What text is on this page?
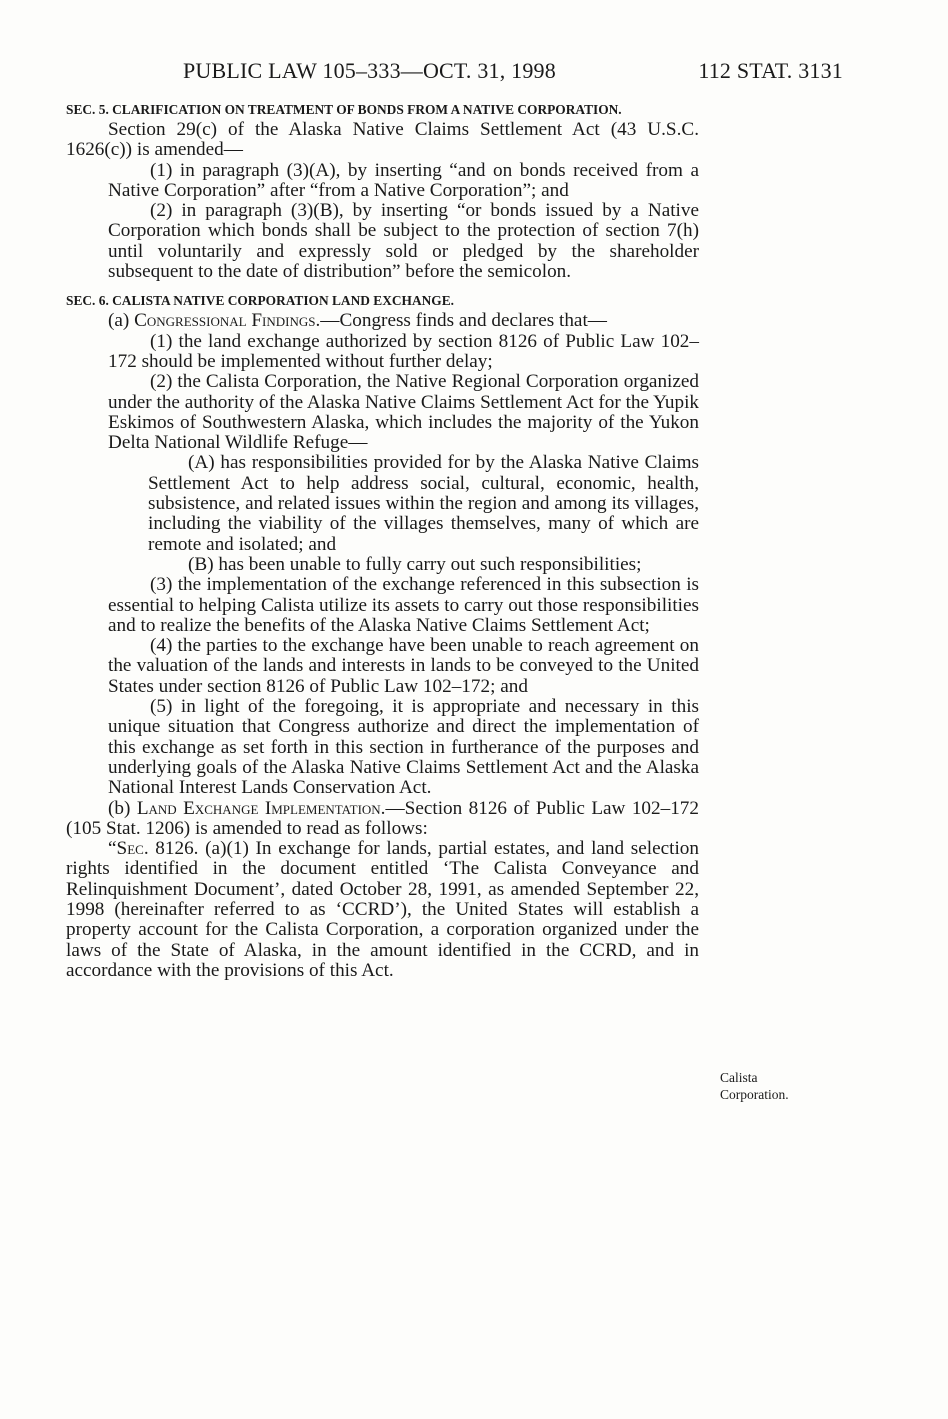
PUBLIC LAW 105–333—OCT. 31, 1998	112 STAT. 3131

SEC. 5. CLARIFICATION ON TREATMENT OF BONDS FROM A NATIVE CORPORATION.

Section 29(c) of the Alaska Native Claims Settlement Act (43 U.S.C. 1626(c)) is amended—

(1) in paragraph (3)(A), by inserting “and on bonds received from a Native Corporation” after “from a Native Corporation”; and

(2) in paragraph (3)(B), by inserting “or bonds issued by a Native Corporation which bonds shall be subject to the protection of section 7(h) until voluntarily and expressly sold or pledged by the shareholder subsequent to the date of distribution” before the semicolon.

SEC. 6. CALISTA NATIVE CORPORATION LAND EXCHANGE.

(a) Congressional Findings.—Congress finds and declares that—

(1) the land exchange authorized by section 8126 of Public Law 102–172 should be implemented without further delay;

(2) the Calista Corporation, the Native Regional Corporation organized under the authority of the Alaska Native Claims Settlement Act for the Yupik Eskimos of Southwestern Alaska, which includes the majority of the Yukon Delta National Wildlife Refuge—

(A) has responsibilities provided for by the Alaska Native Claims Settlement Act to help address social, cultural, economic, health, subsistence, and related issues within the region and among its villages, including the viability of the villages themselves, many of which are remote and isolated; and

(B) has been unable to fully carry out such responsibilities;

(3) the implementation of the exchange referenced in this subsection is essential to helping Calista utilize its assets to carry out those responsibilities and to realize the benefits of the Alaska Native Claims Settlement Act;

(4) the parties to the exchange have been unable to reach agreement on the valuation of the lands and interests in lands to be conveyed to the United States under section 8126 of Public Law 102–172; and

(5) in light of the foregoing, it is appropriate and necessary in this unique situation that Congress authorize and direct the implementation of this exchange as set forth in this section in furtherance of the purposes and underlying goals of the Alaska Native Claims Settlement Act and the Alaska National Interest Lands Conservation Act.

(b) Land Exchange Implementation.—Section 8126 of Public Law 102–172 (105 Stat. 1206) is amended to read as follows:

“Sec. 8126. (a)(1) In exchange for lands, partial estates, and land selection rights identified in the document entitled ‘The Calista Conveyance and Relinquishment Document’, dated October 28, 1991, as amended September 22, 1998 (hereinafter referred to as ‘CCRD’), the United States will establish a property account for the Calista Corporation, a corporation organized under the laws of the State of Alaska, in the amount identified in the CCRD, and in accordance with the provisions of this Act.

Calista
Corporation.
